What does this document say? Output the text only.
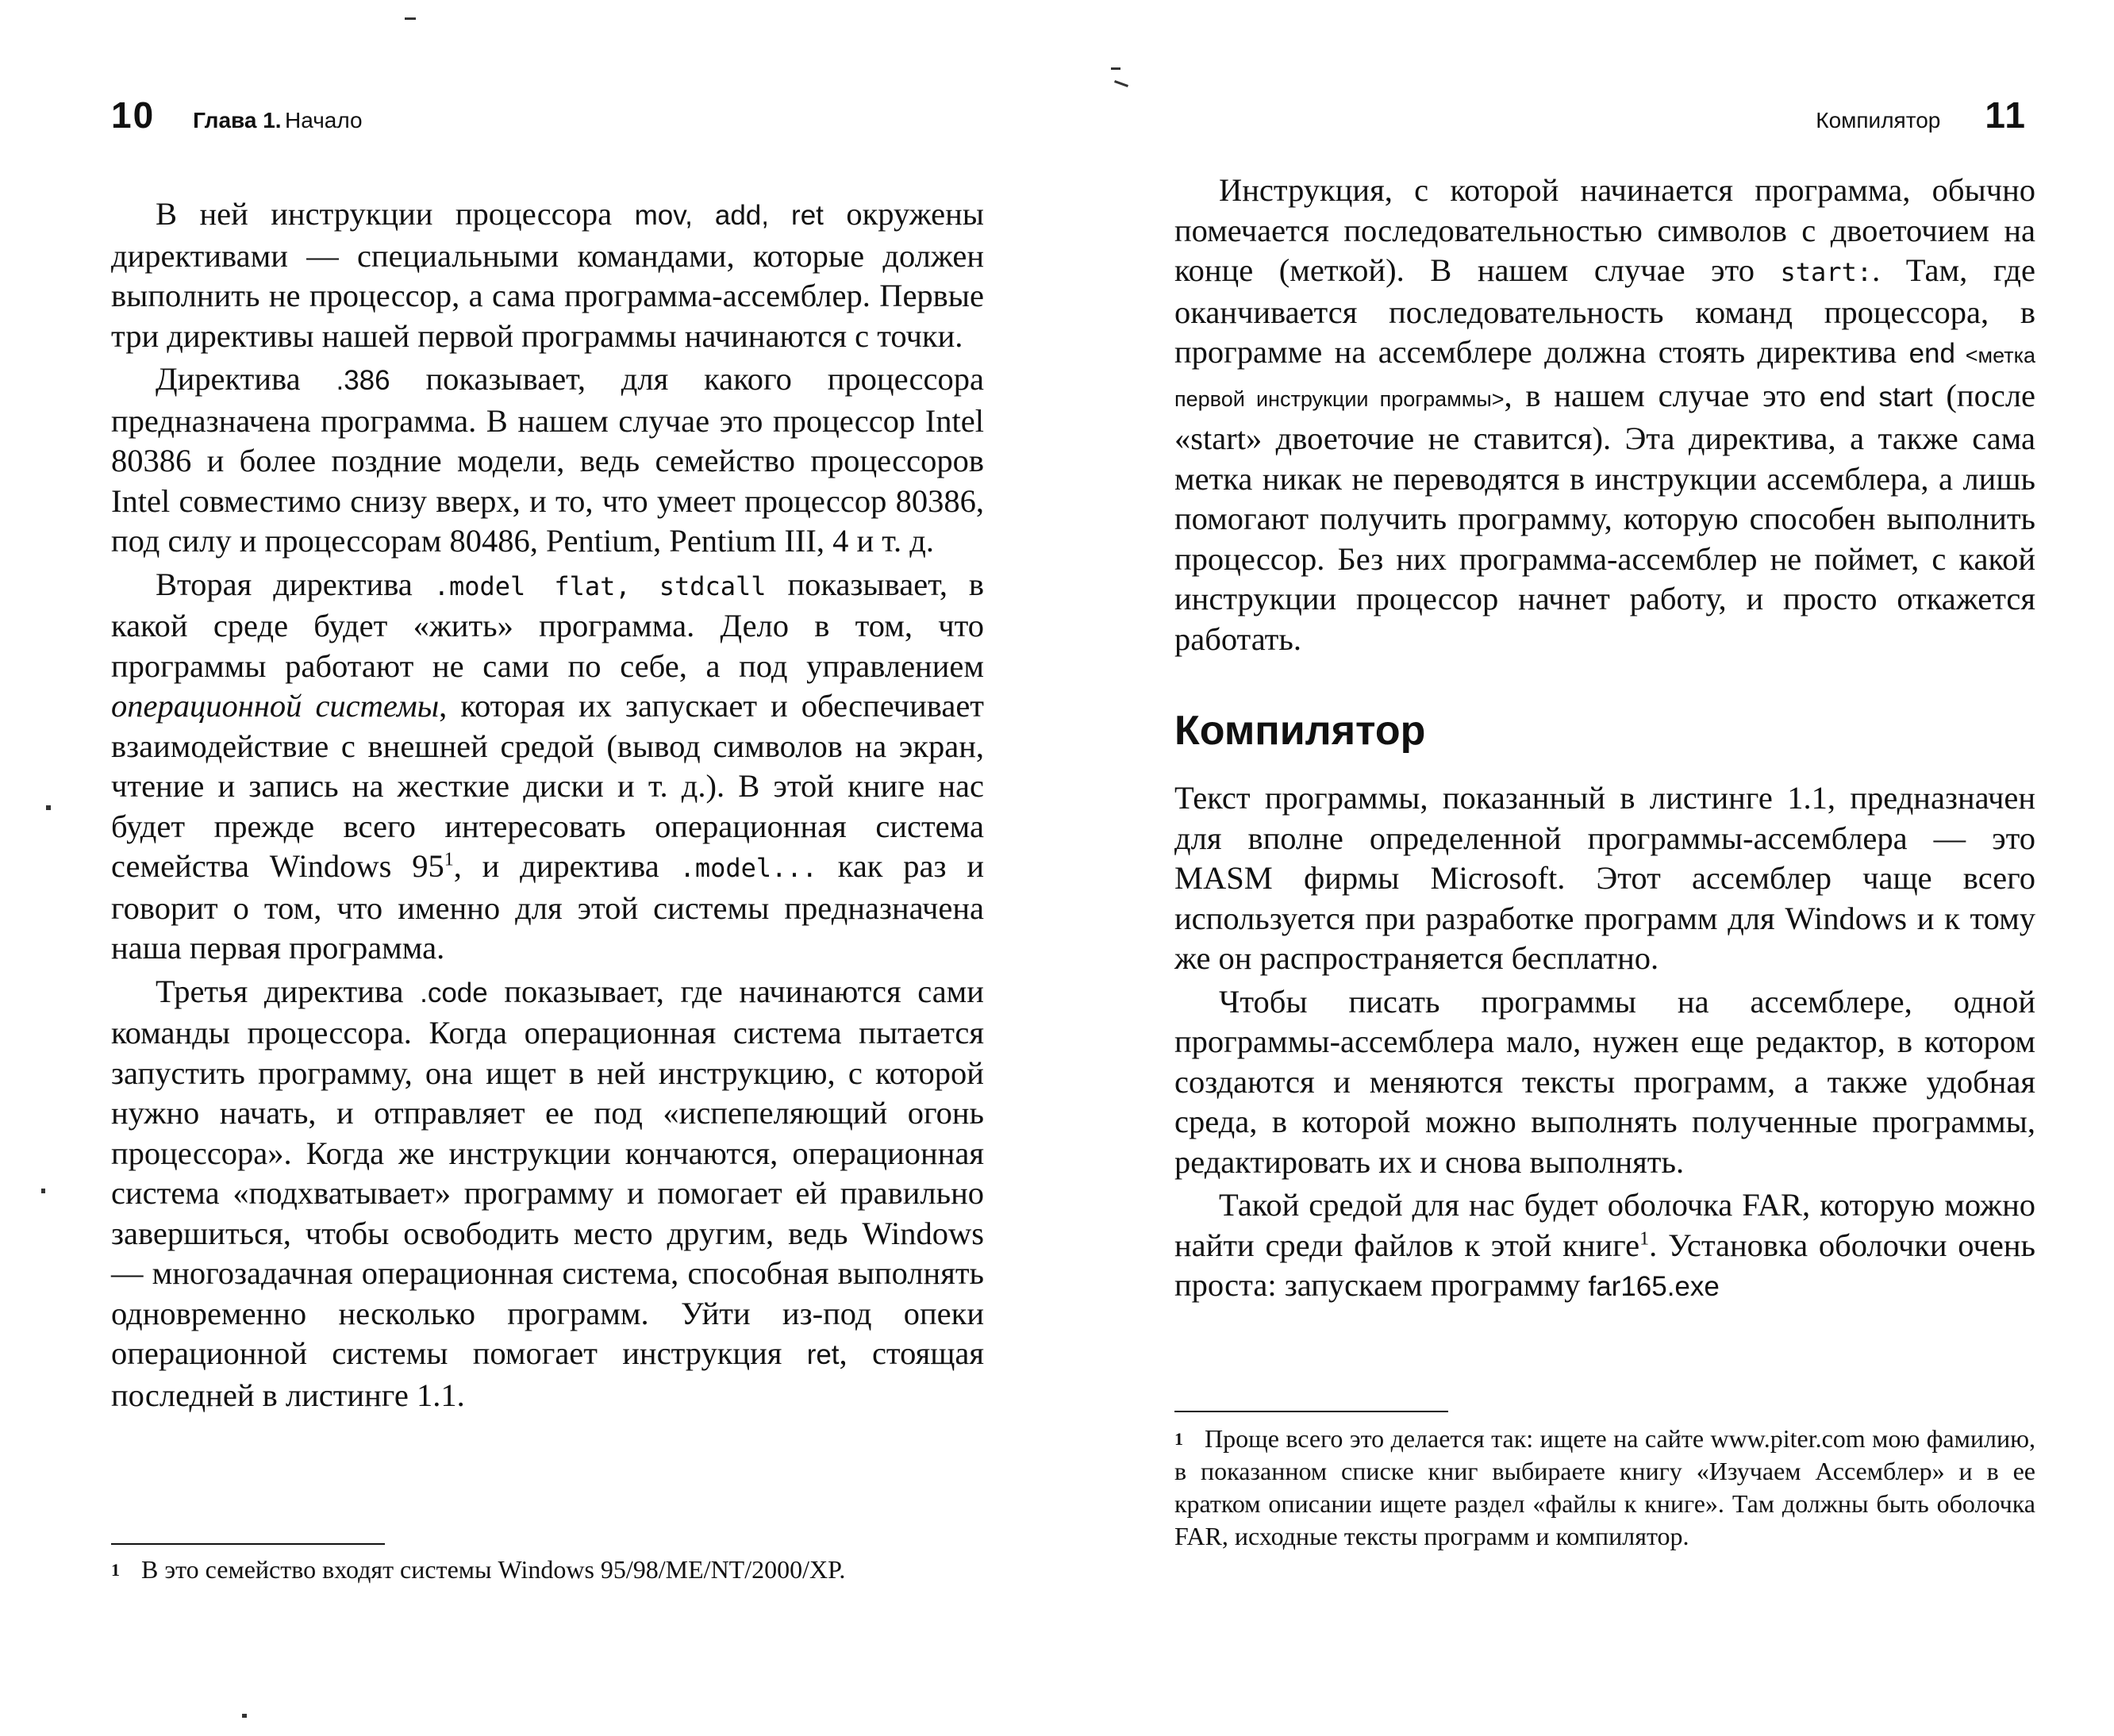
10 Глава 1. Начало

В ней инструкции процессора mov, add, ret окружены директивами — специальными командами, которые должен выполнить не процессор, а сама программа-ассемблер. Первые три директивы нашей первой программы начинаются с точки.

Директива .386 показывает, для какого процессора предназначена программа. В нашем случае это процессор Intel 80386 и более поздние модели, ведь семейство процессоров Intel совместимо снизу вверх, и то, что умеет процессор 80386, под силу и процессорам 80486, Pentium, Pentium III, 4 и т. д.

Вторая директива .model flat, stdcall показывает, в какой среде будет «жить» программа. Дело в том, что программы работают не сами по себе, а под управлением операционной системы, которая их запускает и обеспечивает взаимодействие с внешней средой (вывод символов на экран, чтение и запись на жесткие диски и т. д.). В этой книге нас будет прежде всего интересовать операционная система семейства Windows $95^1$, и директива .model... как раз и говорит о том, что именно для этой системы предназначена наша первая программа.

Третья директива .code показывает, где начинаются сами команды процессора. Когда операционная система пытается запустить программу, она ищет в ней инструкцию, с которой нужно начать, и отправляет ее под «испепеляющий огонь процессора». Когда же инструкции кончаются, операционная система «подхватывает» программу и помогает ей правильно завершиться, чтобы освободить место другим, ведь Windows — многозадачная операционная система, способная выполнять одновременно несколько программ. Уйти из-под опеки операционной системы помогает инструкция ret, стоящая последней в листинге 1.1.

1 В это семейство входят системы Windows 95/98/ME/NT/2000/XP.
Компилятор 11

Инструкция, с которой начинается программа, обычно помечается последовательностью символов с двоеточием на конце (меткой). В нашем случае это start:. Там, где оканчивается последовательность команд процессора, в программе на ассемблере должна стоять директива end <метка первой инструкции программы>, в нашем случае это end start (после «start» двоеточие не ставится). Эта директива, а также сама метка никак не переводятся в инструкции ассемблера, а лишь помогают получить программу, которую способен выполнить процессор. Без них программа-ассемблер не поймет, с какой инструкции процессор начнет работу, и просто откажется работать.

Компилятор

Текст программы, показанный в листинге 1.1, предназначен для вполне определенной программы-ассемблера — это MASM фирмы Microsoft. Этот ассемблер чаще всего используется при разработке программ для Windows и к тому же он распространяется бесплатно.

Чтобы писать программы на ассемблере, одной программы-ассемблера мало, нужен еще редактор, в котором создаются и меняются тексты программ, а также удобная среда, в которой можно выполнять полученные программы, редактировать их и снова выполнять.

Такой средой для нас будет оболочка FAR, которую можно найти среди файлов к этой книге$^1$. Установка оболочки очень проста: запускаем программу far165.exe

1 Проще всего это делается так: ищете на сайте www.piter.com мою фамилию, в показанном списке книг выбираете книгу «Изучаем Ассемблер» и в ее кратком описании ищете раздел «файлы к книге». Там должны быть оболочка FAR, исходные тексты программ и компилятор.
